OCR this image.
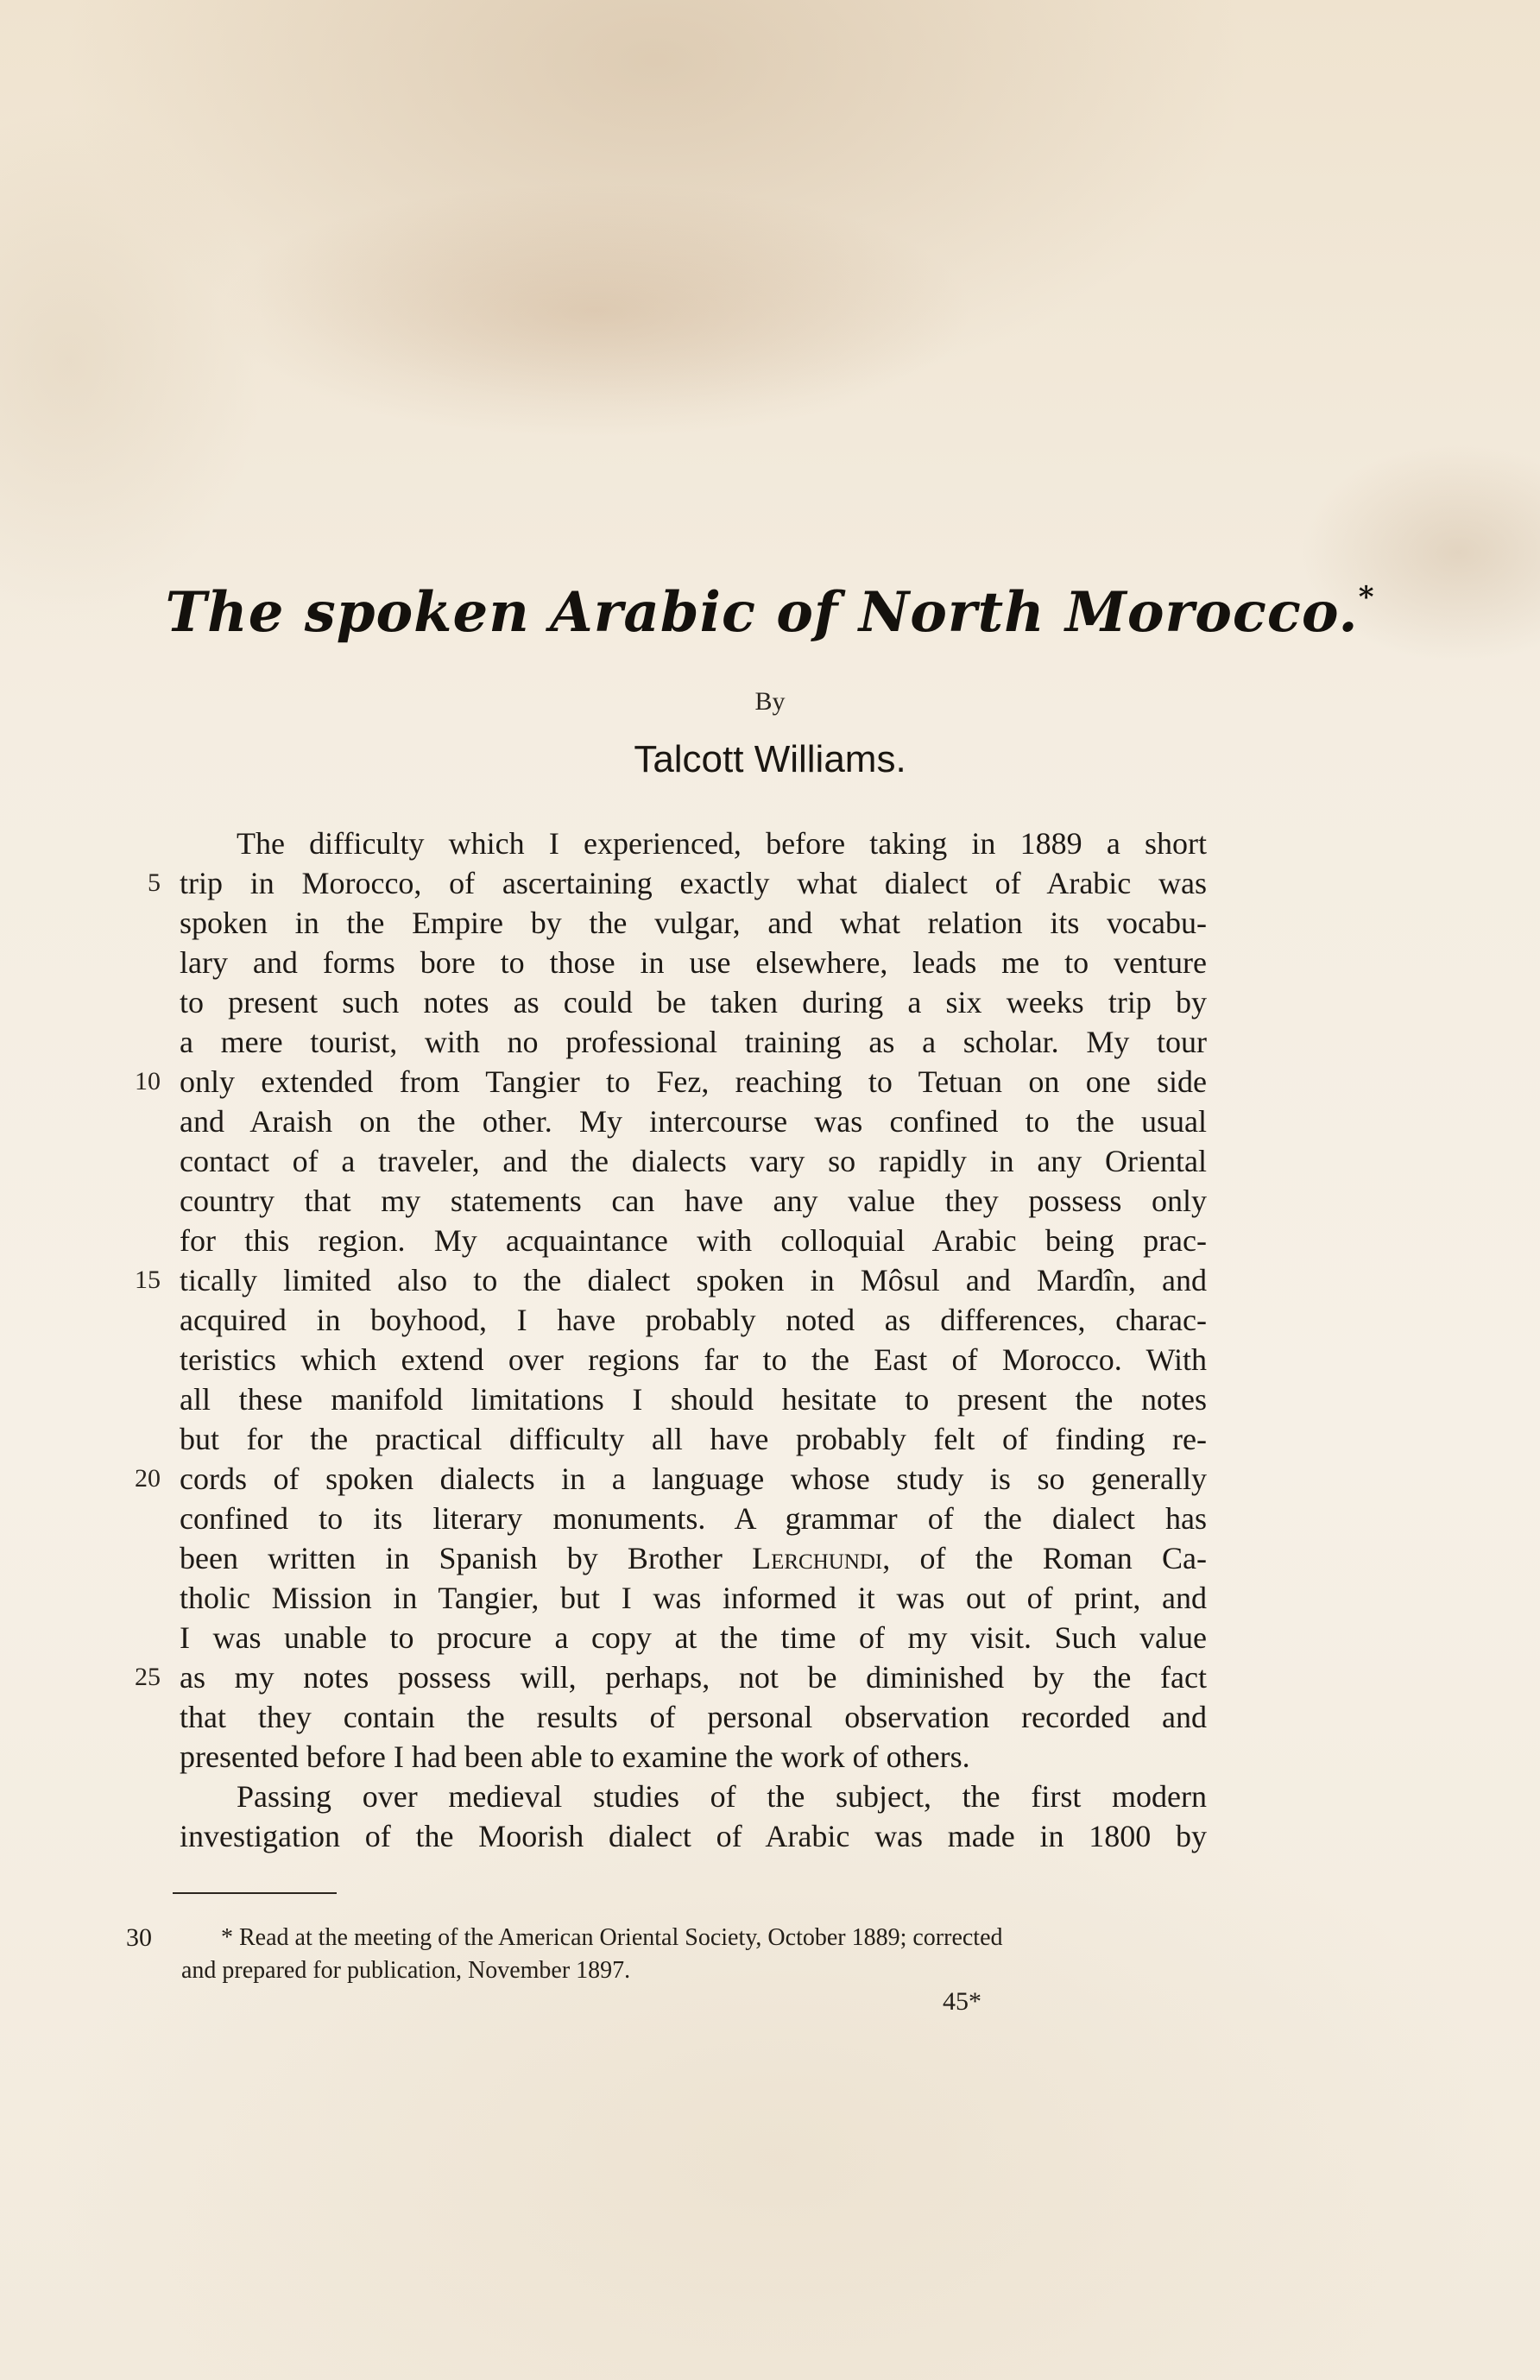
The spoken Arabic of North Morocco.*
By
Talcott Williams.
The difficulty which I experienced, before taking in 1889 a short
5 trip in Morocco, of ascertaining exactly what dialect of Arabic was
spoken in the Empire by the vulgar, and what relation its vocabu-
lary and forms bore to those in use elsewhere, leads me to venture
to present such notes as could be taken during a six weeks trip by
a mere tourist, with no professional training as a scholar. My tour
10 only extended from Tangier to Fez, reaching to Tetuan on one side
and Araish on the other. My intercourse was confined to the usual
contact of a traveler, and the dialects vary so rapidly in any Oriental
country that my statements can have any value they possess only
for this region. My acquaintance with colloquial Arabic being prac-
15 tically limited also to the dialect spoken in Môsul and Mardîn, and
acquired in boyhood, I have probably noted as differences, charac-
teristics which extend over regions far to the East of Morocco. With
all these manifold limitations I should hesitate to present the notes
but for the practical difficulty all have probably felt of finding re-
20 cords of spoken dialects in a language whose study is so generally
confined to its literary monuments. A grammar of the dialect has
been written in Spanish by Brother Lerchundi, of the Roman Ca-
tholic Mission in Tangier, but I was informed it was out of print, and
I was unable to procure a copy at the time of my visit. Such value
25 as my notes possess will, perhaps, not be diminished by the fact
that they contain the results of personal observation recorded and
presented before I had been able to examine the work of others.
Passing over medieval studies of the subject, the first modern
investigation of the Moorish dialect of Arabic was made in 1800 by
30	* Read at the meeting of the American Oriental Society, October 1889; corrected
and prepared for publication, November 1897.
45*
